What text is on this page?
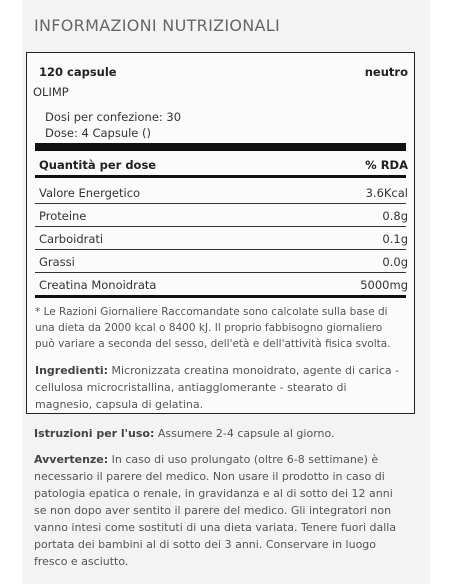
INFORMAZIONI NUTRIZIONALI
120 capsule	neutro
OLIMP
Dosi per confezione: 30
Dose: 4 Capsule ()
Quantità per dose	% RDA
Valore Energetico	3.6Kcal
Proteine	0.8g
Carboidrati	0.1g
Grassi	0.0g
Creatina Monoidrata	5000mg
* Le Razioni Giornaliere Raccomandate sono calcolate sulla base di una dieta da 2000 kcal o 8400 kJ. Il proprio fabbisogno giornaliero può variare a seconda del sesso, dell'età e dell'attività fisica svolta.
Ingredienti: Micronizzata creatina monoidrato, agente di carica - cellulosa microcristallina, antiagglomerante - stearato di magnesio, capsula di gelatina.
Istruzioni per l'uso: Assumere 2-4 capsule al giorno.
Avvertenze: In caso di uso prolungato (oltre 6-8 settimane) è necessario il parere del medico. Non usare il prodotto in caso di patologia epatica o renale, in gravidanza e al di sotto dei 12 anni se non dopo aver sentito il parere del medico. Gli integratori non vanno intesi come sostituti di una dieta variata. Tenere fuori dalla portata dei bambini al di sotto dei 3 anni. Conservare in luogo fresco e asciutto.
